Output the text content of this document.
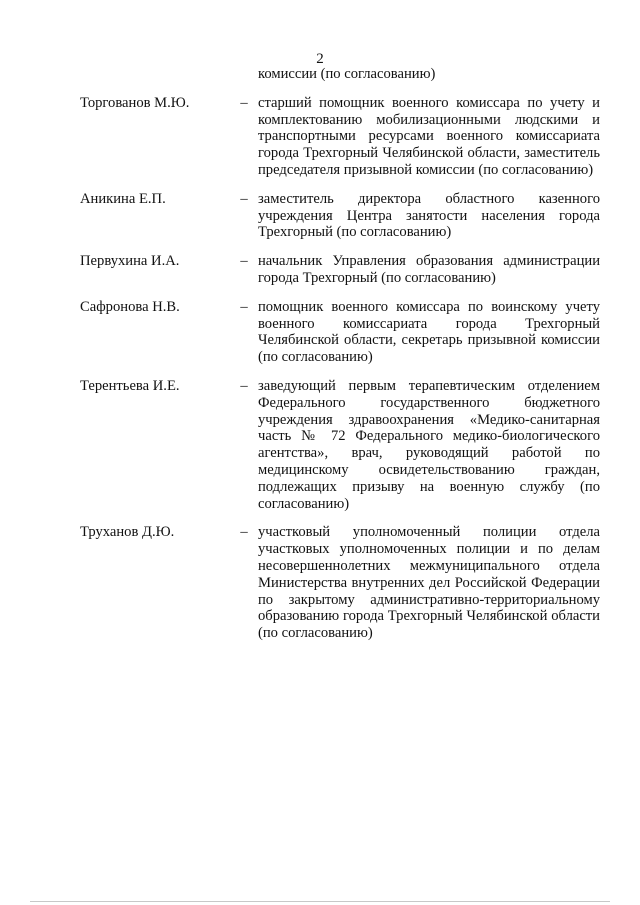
2
комиссии (по согласованию)
Торгованов М.Ю.	– старший помощник военного комиссара по учету и комплектованию мобилизационными людскими и транспортными ресурсами военного комиссариата города Трехгорный Челябинской области, заместитель председателя призывной комиссии (по согласованию)
Аникина Е.П.	– заместитель директора областного казенного учреждения Центра занятости населения города Трехгорный (по согласованию)
Первухина И.А.	– начальник Управления образования администрации города Трехгорный (по согласованию)
Сафронова Н.В.	– помощник военного комиссара по воинскому учету военного комиссариата города Трехгорный Челябинской области, секретарь призывной комиссии (по согласованию)
Терентьева И.Е.	– заведующий первым терапевтическим отделением Федерального государственного бюджетного учреждения здравоохранения «Медико-санитарная часть № 72 Федерального медико-биологического агентства», врач, руководящий работой по медицинскому освидетельствованию граждан, подлежащих призыву на военную службу (по согласованию)
Труханов Д.Ю.	– участковый уполномоченный полиции отдела участковых уполномоченных полиции и по делам несовершеннолетних межмуниципального отдела Министерства внутренних дел Российской Федерации по закрытому административно-территориальному образованию города Трехгорный Челябинской области (по согласованию)
